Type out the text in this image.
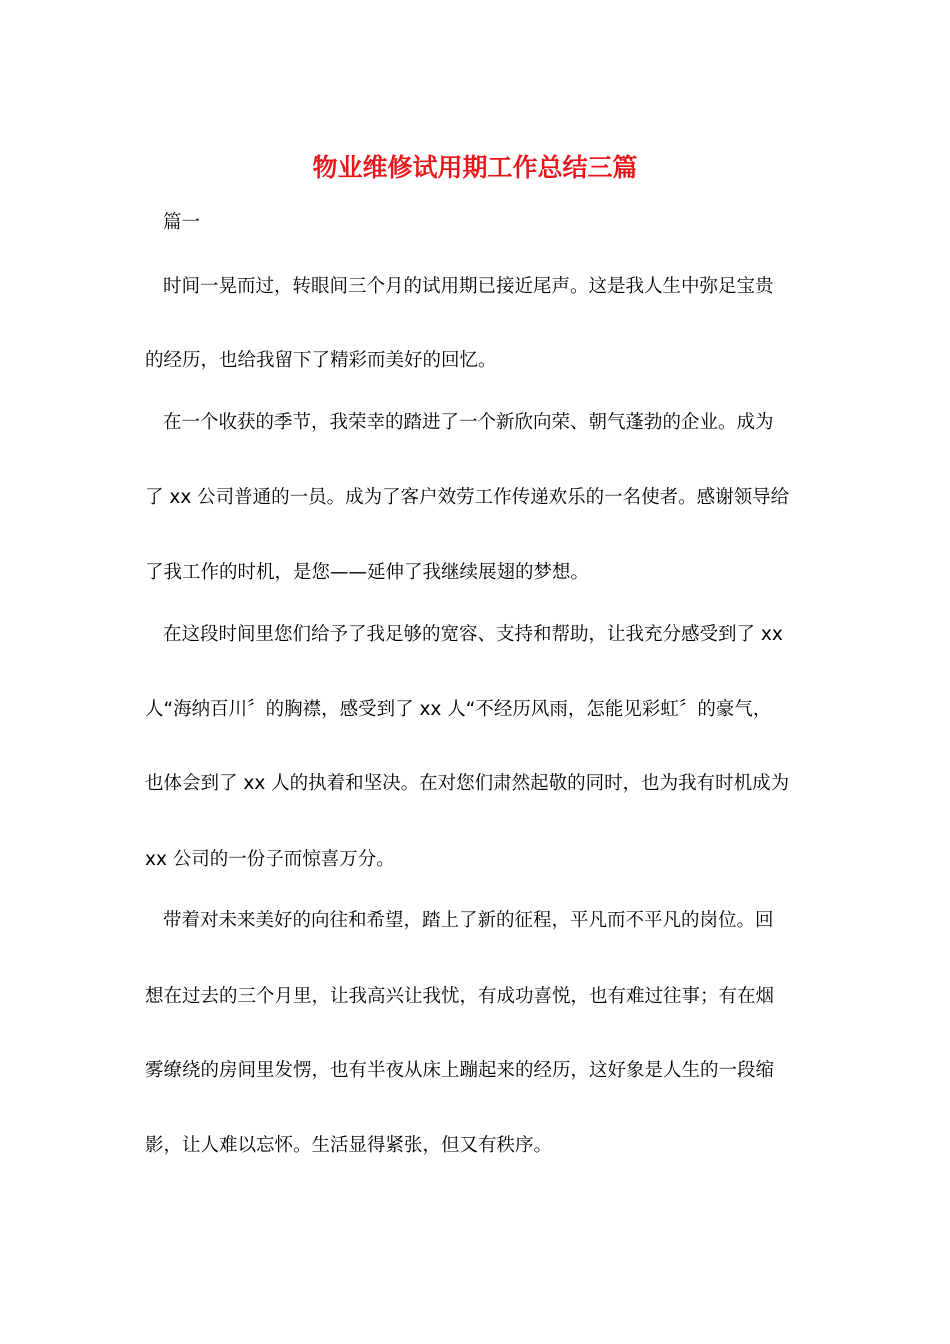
物业维修试用期工作总结三篇
篇一
时间一晃而过，转眼间三个月的试用期已接近尾声。这是我人生中弥足宝贵
的经历，也给我留下了精彩而美好的回忆。
在一个收获的季节，我荣幸的踏进了一个新欣向荣、朝气蓬勃的企业。成为
了 xx 公司普通的一员。成为了客户效劳工作传递欢乐的一名使者。感谢领导给
了我工作的时机，是您——延伸了我继续展翅的梦想。
在这段时间里您们给予了我足够的宽容、支持和帮助，让我充分感受到了 xx
人“海纳百川〞的胸襟，感受到了 xx 人“不经历风雨，怎能见彩虹〞的豪气，
也体会到了 xx 人的执着和坚决。在对您们肃然起敬的同时，也为我有时机成为
xx 公司的一份子而惊喜万分。
带着对未来美好的向往和希望，踏上了新的征程，平凡而不平凡的岗位。回
想在过去的三个月里，让我高兴让我忧，有成功喜悦，也有难过往事；有在烟
雾缭绕的房间里发愣，也有半夜从床上蹦起来的经历，这好象是人生的一段缩
影，让人难以忘怀。生活显得紧张，但又有秩序。
